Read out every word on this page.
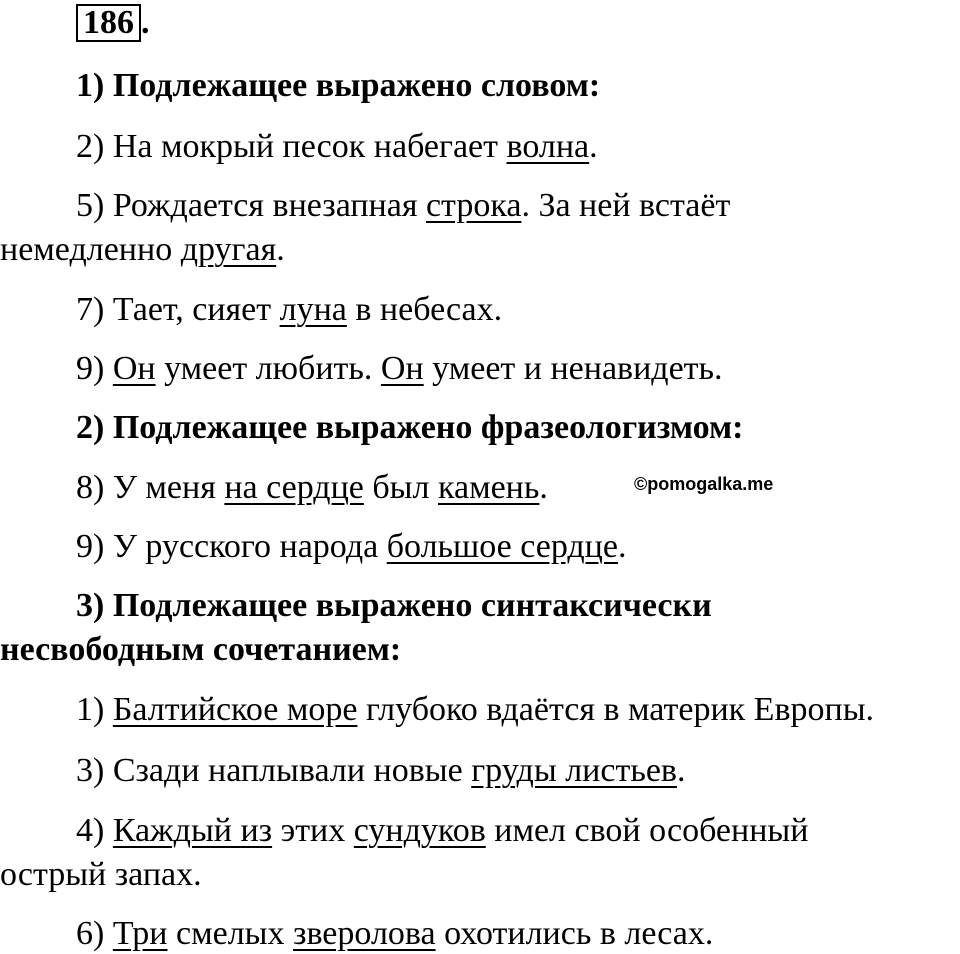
186 .
1) Подлежащее выражено словом:
2) На мокрый песок набегает волна.
5) Рождается внезапная строка. За ней встаёт
немедленно другая.
7) Тает, сияет луна в небесах.
9) Он умеет любить. Он умеет и ненавидеть.
2) Подлежащее выражено фразеологизмом:
8) У меня на сердце был камень.	©pomogalka.me
9) У русского народа большое сердце.
3) Подлежащее выражено синтаксически
несвободным сочетанием:
1) Балтийское море глубоко вдаётся в материк Европы.
3) Сзади наплывали новые груды листьев.
4) Каждый из этих сундуков имел свой особенный
острый запах.
6) Три смелых зверолова охотились в лесах.
